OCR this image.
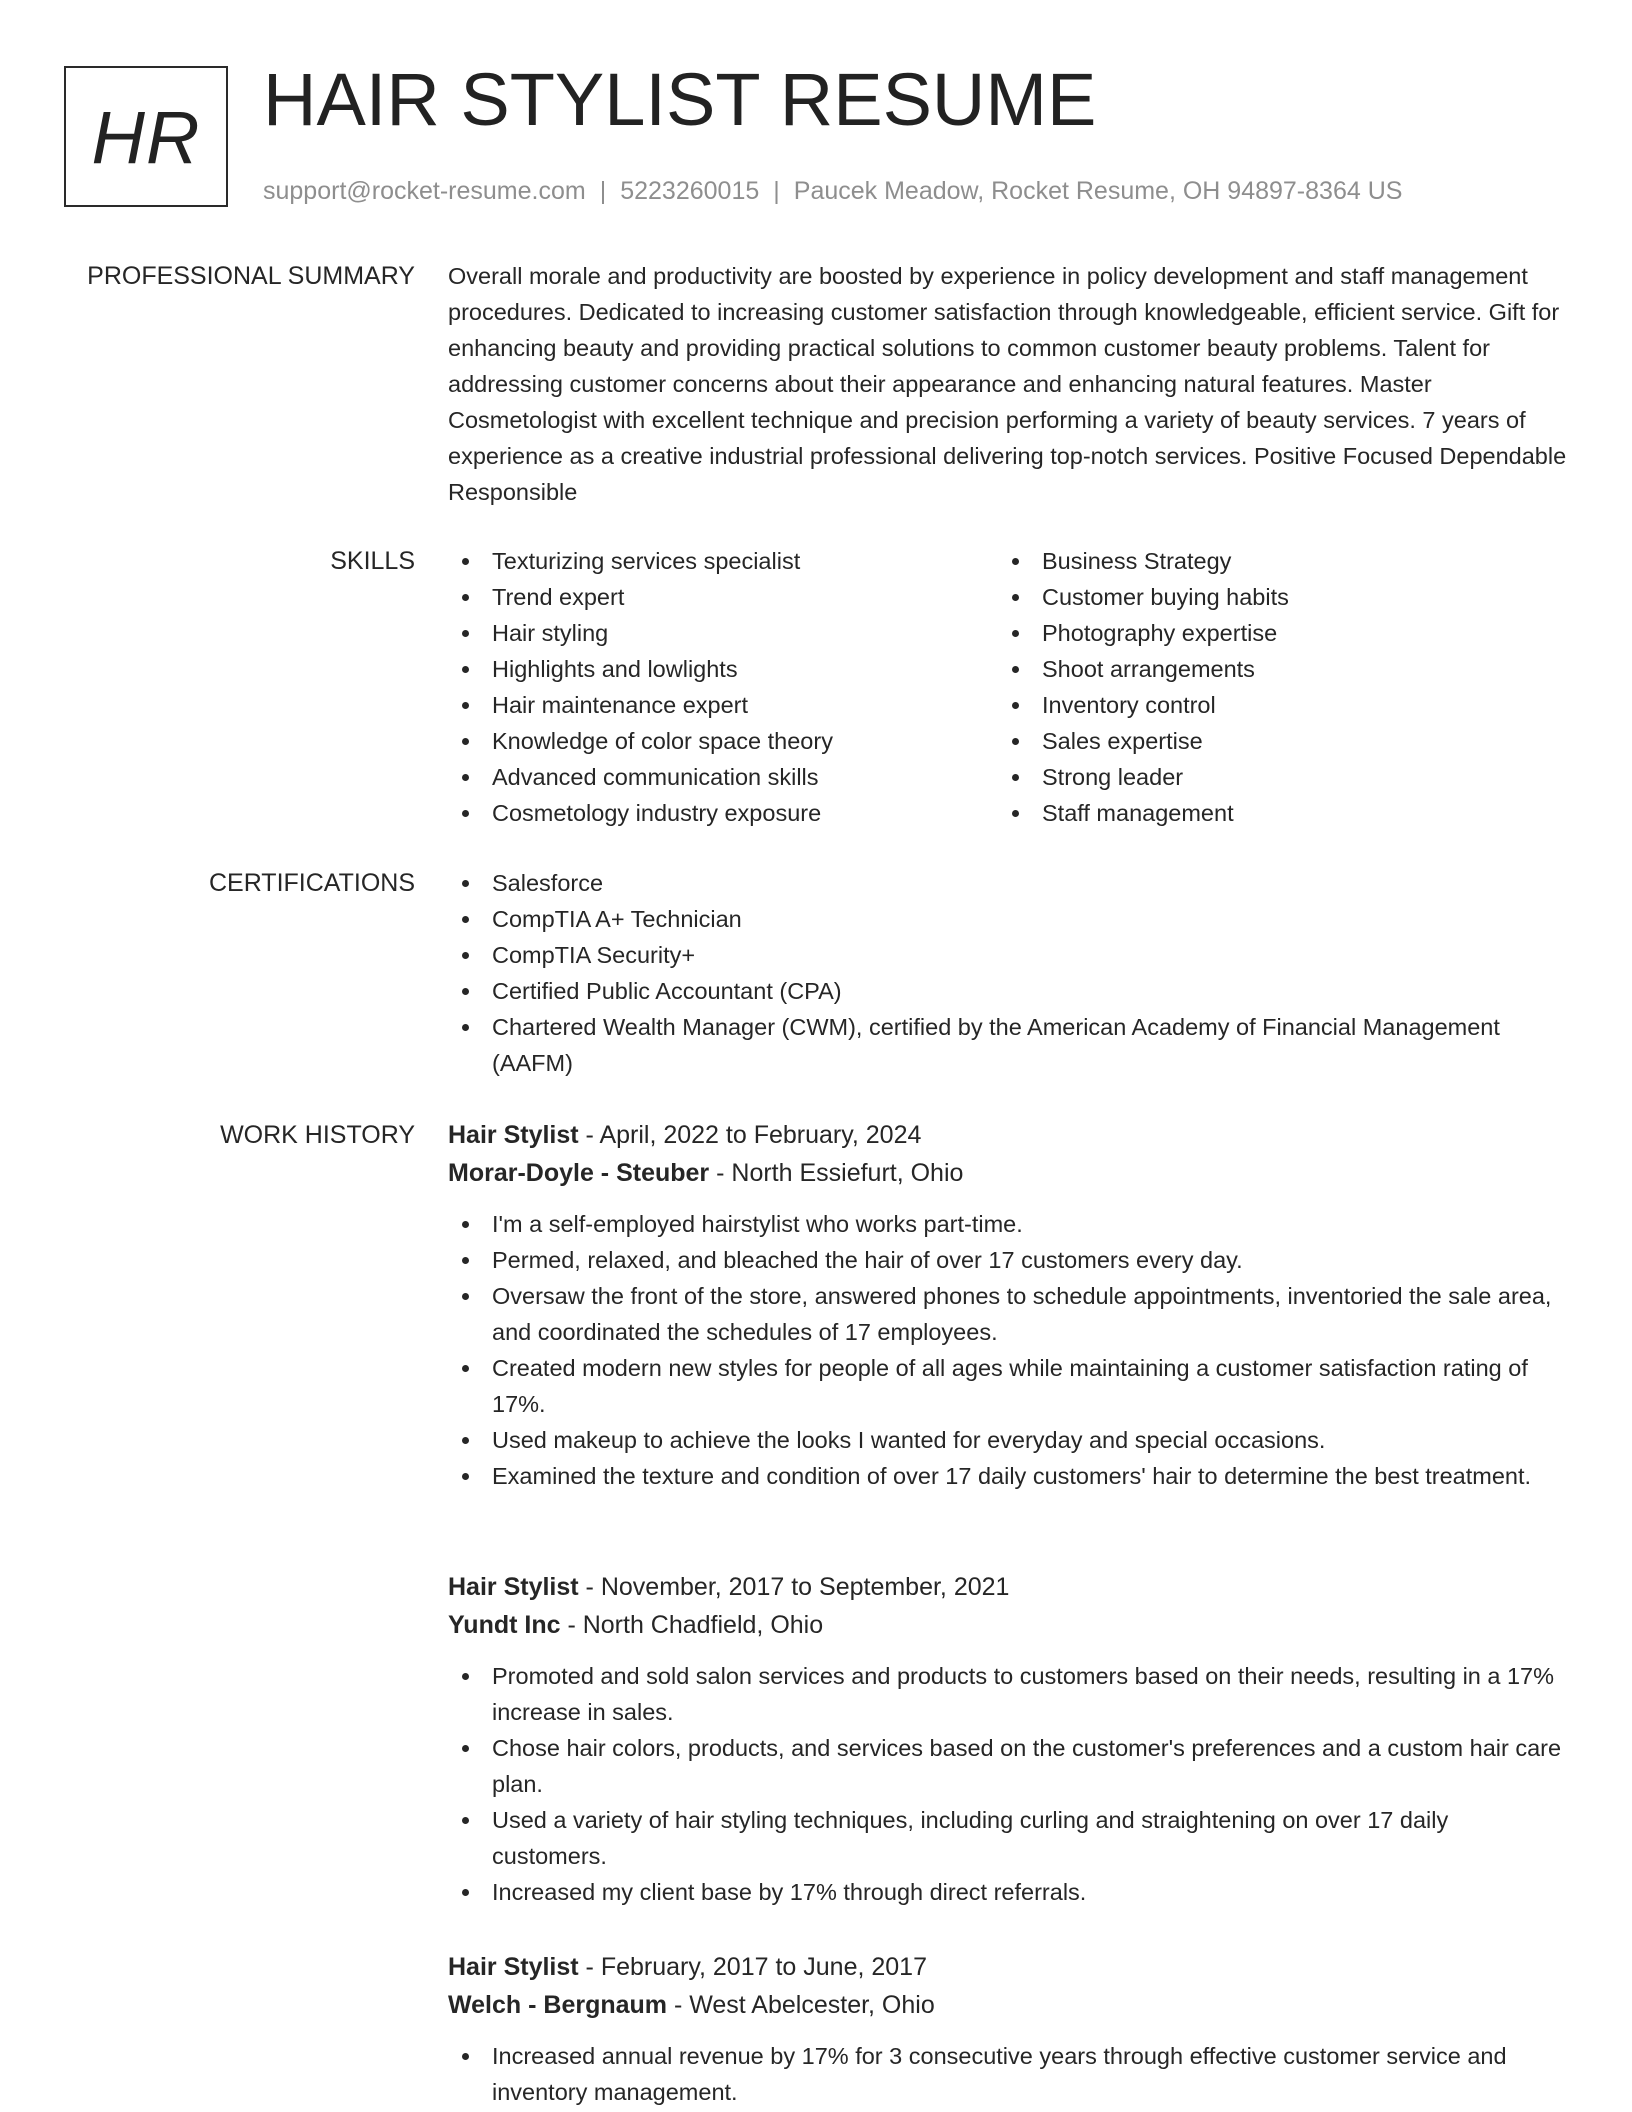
HR HAIR STYLIST RESUME
support@rocket-resume.com | 5223260015 | Paucek Meadow, Rocket Resume, OH 94897-8364 US
PROFESSIONAL SUMMARY Overall morale and productivity are boosted by experience in policy development and staff management procedures. Dedicated to increasing customer satisfaction through knowledgeable, efficient service. Gift for enhancing beauty and providing practical solutions to common customer beauty problems. Talent for addressing customer concerns about their appearance and enhancing natural features. Master Cosmetologist with excellent technique and precision performing a variety of beauty services. 7 years of experience as a creative industrial professional delivering top-notch services. Positive Focused Dependable Responsible

SKILLS	Texturizing services specialist
Trend expert
Hair styling
Highlights and lowlights
Hair maintenance expert
Knowledge of color space theory
Advanced communication skills
Cosmetology industry exposure
Business Strategy
Customer buying habits
Photography expertise
Shoot arrangements
Inventory control
Sales expertise
Strong leader
Staff management
CERTIFICATIONS	Salesforce
CompTIA A+ Technician
CompTIA Security+
Certified Public Accountant (CPA)
Chartered Wealth Manager (CWM), certified by the American Academy of Financial Management (AAFM)
WORK HISTORY Hair Stylist - April, 2022 to February, 2024
Morar-Doyle - Steuber - North Essiefurt, Ohio
I'm a self-employed hairstylist who works part-time.
Permed, relaxed, and bleached the hair of over 17 customers every day.
Oversaw the front of the store, answered phones to schedule appointments, inventoried the sale area, and coordinated the schedules of 17 employees.
Created modern new styles for people of all ages while maintaining a customer satisfaction rating of 17%.
Used makeup to achieve the looks I wanted for everyday and special occasions.
Examined the texture and condition of over 17 daily customers' hair to determine the best treatment.
Hair Stylist - November, 2017 to September, 2021
Yundt Inc - North Chadfield, Ohio
Promoted and sold salon services and products to customers based on their needs, resulting in a 17% increase in sales.
Chose hair colors, products, and services based on the customer's preferences and a custom hair care plan.
Used a variety of hair styling techniques, including curling and straightening on over 17 daily customers.
Increased my client base by 17% through direct referrals.
Hair Stylist - February, 2017 to June, 2017
Welch - Bergnaum - West Abelcester, Ohio
Increased annual revenue by 17% for 3 consecutive years through effective customer service and inventory management.
